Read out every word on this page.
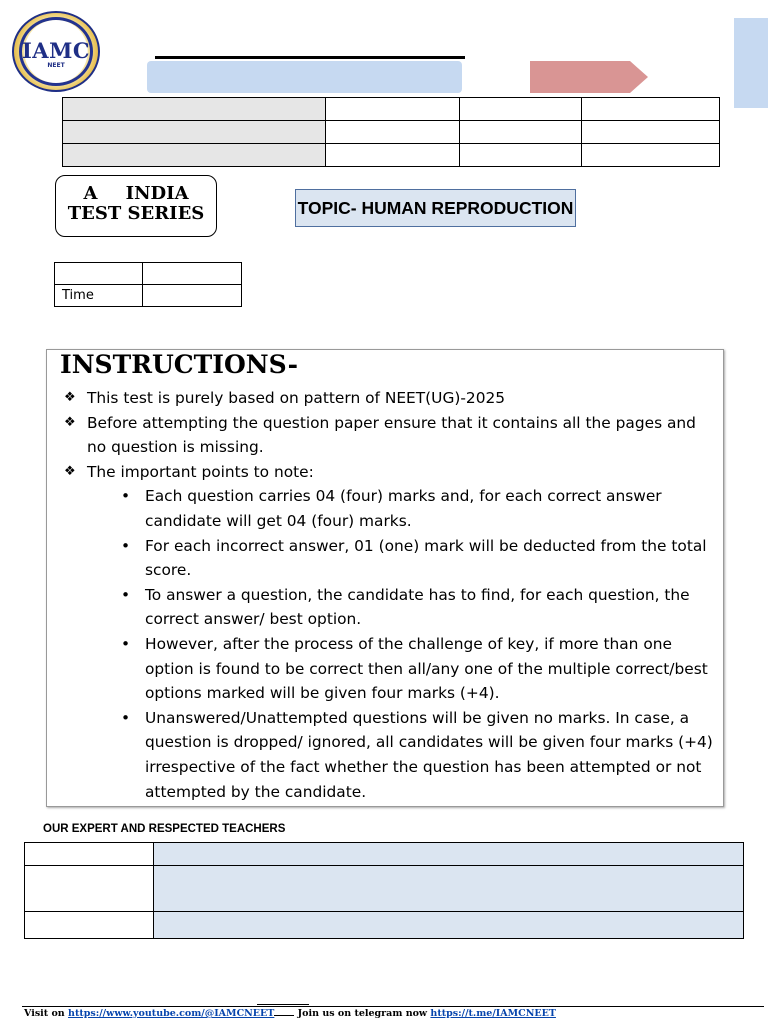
IAMC
NEET

A INDIA
TEST SERIES	TOPIC- HUMAN REPRODUCTION

Time	
INSTRUCTIONS-
❖ This test is purely based on pattern of NEET(UG)-2025
❖ Before attempting the question paper ensure that it contains all the pages and no question is missing.
❖ The important points to note:
• Each question carries 04 (four) marks and, for each correct answer candidate will get 04 (four) marks.
• For each incorrect answer, 01 (one) mark will be deducted from the total score.
• To answer a question, the candidate has to find, for each question, the correct answer/ best option.
• However, after the process of the challenge of key, if more than one option is found to be correct then all/any one of the multiple correct/best options marked will be given four marks (+4).
• Unanswered/Unattempted questions will be given no marks. In case, a question is dropped/ ignored, all candidates will be given four marks (+4) irrespective of the fact whether the question has been attempted or not attempted by the candidate.
OUR EXPERT AND RESPECTED TEACHERS

Visit on https://www.youtube.com/@IAMCNEET Join us on telegram now https://t.me/IAMCNEET
